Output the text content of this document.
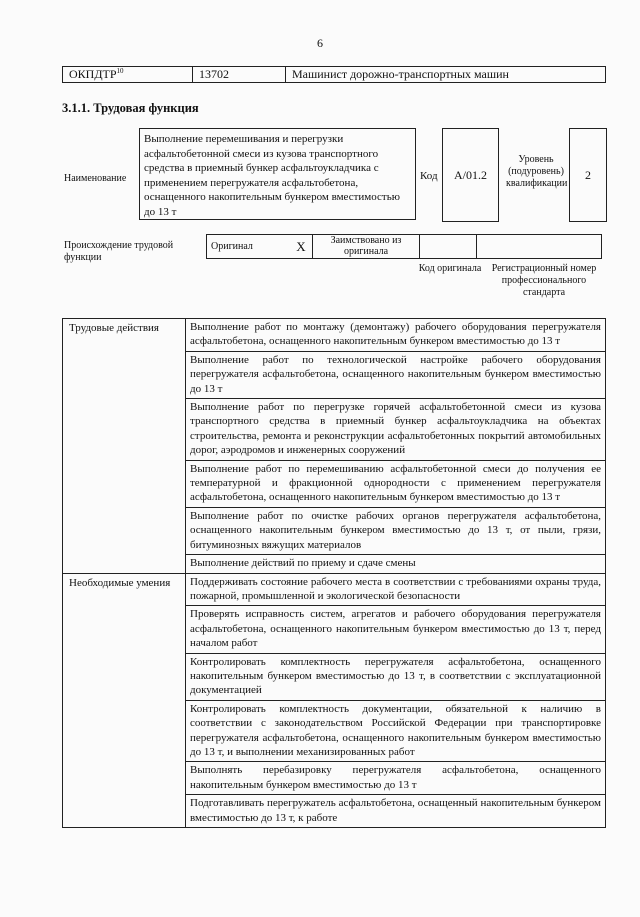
6
ОКПДТР$^{10}$	13702	Машинист дорожно-транспортных машин
3.1.1. Трудовая функция
Наименование
Выполнение перемешивания и перегрузки асфальтобетонной смеси из кузова транспортного средства в приемный бункер асфальтоукладчика с применением перегружателя асфальтобетона, оснащенного накопительным бункером вместимостью до 13 т
Код	А/01.2
Уровень (подуровень) квалификации
2
Происхождение трудовой функции
Оригинал	X	Заимствовано из оригинала		
Код оригинала	Регистрационный номер профессионального стандарта
Трудовые действия	Выполнение работ по монтажу (демонтажу) рабочего оборудования перегружателя асфальтобетона, оснащенного накопительным бункером вместимостью до 13 т
	Выполнение работ по технологической настройке рабочего оборудования перегружателя асфальтобетона, оснащенного накопительным бункером вместимостью до 13 т
	Выполнение работ по перегрузке горячей асфальтобетонной смеси из кузова транспортного средства в приемный бункер асфальтоукладчика на объектах строительства, ремонта и реконструкции асфальтобетонных покрытий автомобильных дорог, аэродромов и инженерных сооружений
	Выполнение работ по перемешиванию асфальтобетонной смеси до получения ее температурной и фракционной однородности с применением перегружателя асфальтобетона, оснащенного накопительным бункером вместимостью до 13 т
	Выполнение работ по очистке рабочих органов перегружателя асфальтобетона, оснащенного накопительным бункером вместимостью до 13 т, от пыли, грязи, битуминозных вяжущих материалов
	Выполнение действий по приему и сдаче смены
Необходимые умения	Поддерживать состояние рабочего места в соответствии с требованиями охраны труда, пожарной, промышленной и экологической безопасности
	Проверять исправность систем, агрегатов и рабочего оборудования перегружателя асфальтобетона, оснащенного накопительным бункером вместимостью до 13 т, перед началом работ
	Контролировать комплектность перегружателя асфальтобетона, оснащенного накопительным бункером вместимостью до 13 т, в соответствии с эксплуатационной документацией
	Контролировать комплектность документации, обязательной к наличию в соответствии с законодательством Российской Федерации при транспортировке перегружателя асфальтобетона, оснащенного накопительным бункером вместимостью до 13 т, и выполнении механизированных работ
	Выполнять перебазировку перегружателя асфальтобетона, оснащенного накопительным бункером вместимостью до 13 т
	Подготавливать перегружатель асфальтобетона, оснащенный накопительным бункером вместимостью до 13 т, к работе
